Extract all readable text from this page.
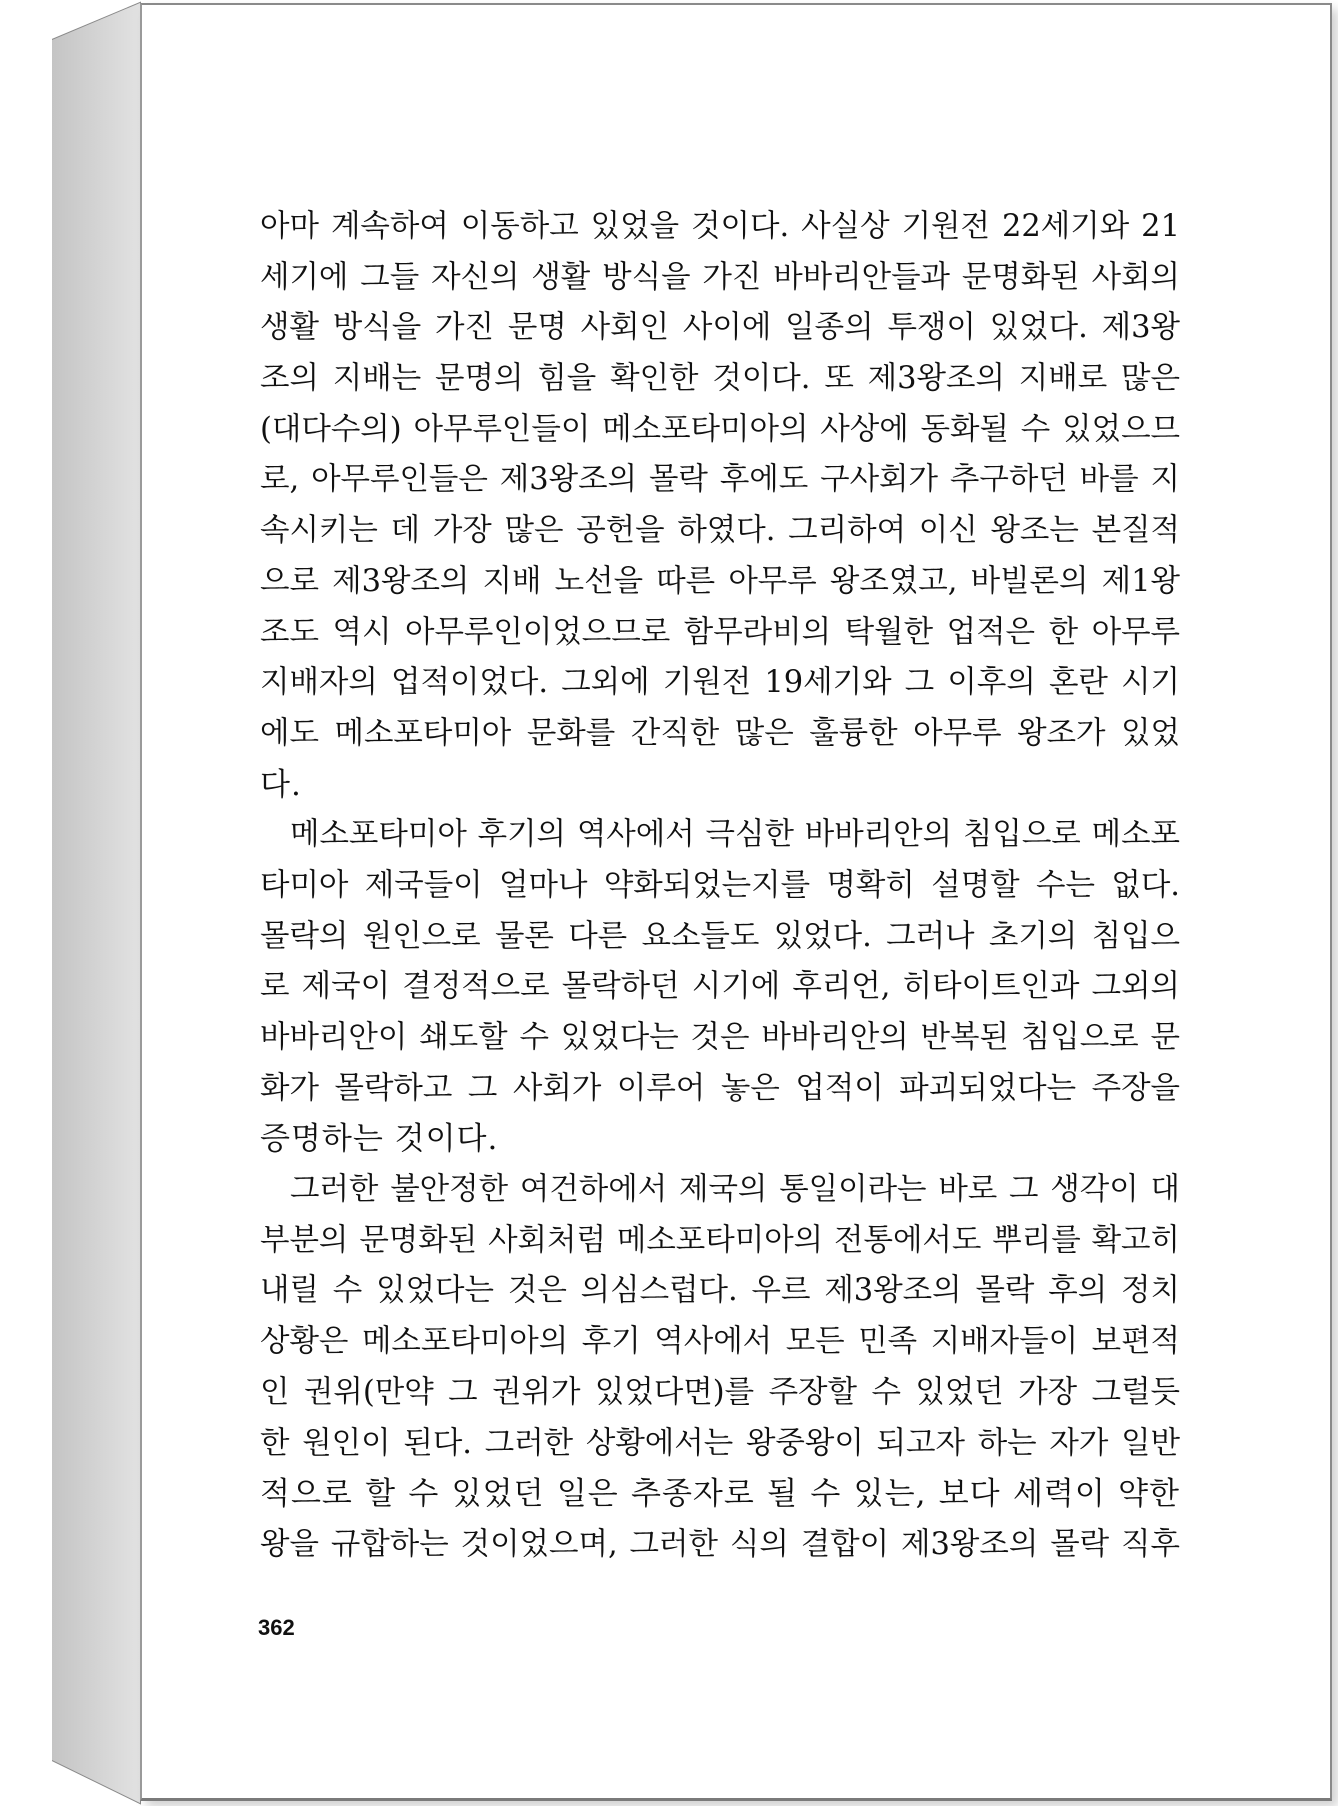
아마 계속하여 이동하고 있었을 것이다. 사실상 기원전 22세기와 21
세기에 그들 자신의 생활 방식을 가진 바바리안들과 문명화된 사회의
생활 방식을 가진 문명 사회인 사이에 일종의 투쟁이 있었다. 제3왕
조의 지배는 문명의 힘을 확인한 것이다. 또 제3왕조의 지배로 많은
(대다수의) 아무루인들이 메소포타미아의 사상에 동화될 수 있었으므
로, 아무루인들은 제3왕조의 몰락 후에도 구사회가 추구하던 바를 지
속시키는 데 가장 많은 공헌을 하였다. 그리하여 이신 왕조는 본질적
으로 제3왕조의 지배 노선을 따른 아무루 왕조였고, 바빌론의 제1왕
조도 역시 아무루인이었으므로 함무라비의 탁월한 업적은 한 아무루
지배자의 업적이었다. 그외에 기원전 19세기와 그 이후의 혼란 시기
에도 메소포타미아 문화를 간직한 많은 훌륭한 아무루 왕조가 있었
다.
메소포타미아 후기의 역사에서 극심한 바바리안의 침입으로 메소포
타미아 제국들이 얼마나 약화되었는지를 명확히 설명할 수는 없다.
몰락의 원인으로 물론 다른 요소들도 있었다. 그러나 초기의 침입으
로 제국이 결정적으로 몰락하던 시기에 후리언, 히타이트인과 그외의
바바리안이 쇄도할 수 있었다는 것은 바바리안의 반복된 침입으로 문
화가 몰락하고 그 사회가 이루어 놓은 업적이 파괴되었다는 주장을
증명하는 것이다.
그러한 불안정한 여건하에서 제국의 통일이라는 바로 그 생각이 대
부분의 문명화된 사회처럼 메소포타미아의 전통에서도 뿌리를 확고히
내릴 수 있었다는 것은 의심스럽다. 우르 제3왕조의 몰락 후의 정치
상황은 메소포타미아의 후기 역사에서 모든 민족 지배자들이 보편적
인 권위(만약 그 권위가 있었다면)를 주장할 수 있었던 가장 그럴듯
한 원인이 된다. 그러한 상황에서는 왕중왕이 되고자 하는 자가 일반
적으로 할 수 있었던 일은 추종자로 될 수 있는, 보다 세력이 약한
왕을 규합하는 것이었으며, 그러한 식의 결합이 제3왕조의 몰락 직후
362
